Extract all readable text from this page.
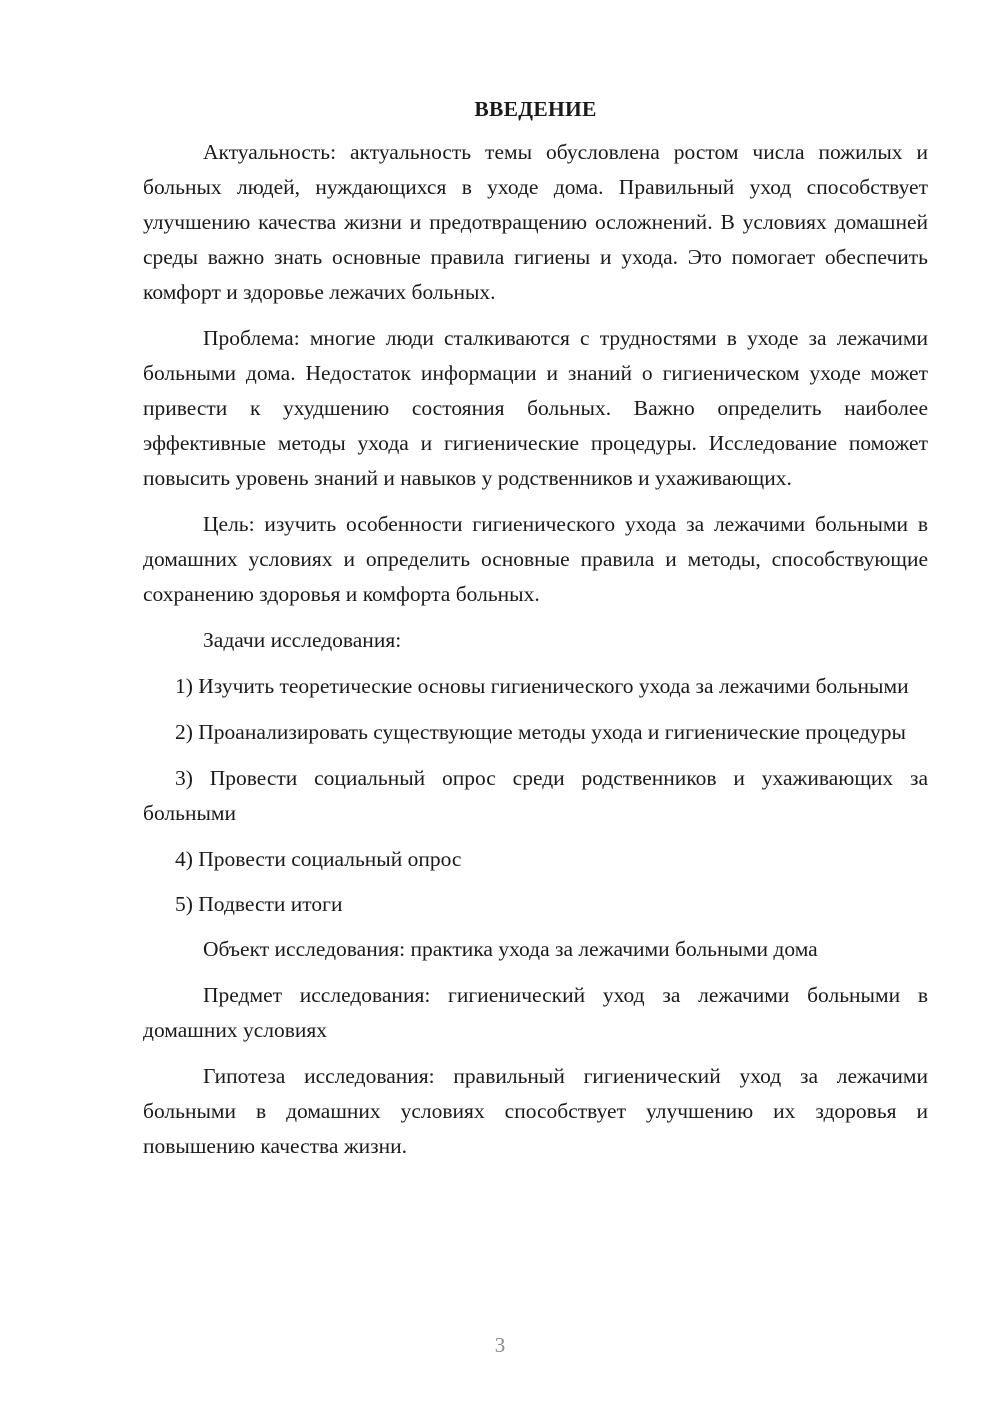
ВВЕДЕНИЕ

Актуальность: актуальность темы обусловлена ростом числа пожилых и больных людей, нуждающихся в уходе дома. Правильный уход способствует улучшению качества жизни и предотвращению осложнений. В условиях домашней среды важно знать основные правила гигиены и ухода. Это помогает обеспечить комфорт и здоровье лежачих больных.

Проблема: многие люди сталкиваются с трудностями в уходе за лежачими больными дома. Недостаток информации и знаний о гигиеническом уходе может привести к ухудшению состояния больных. Важно определить наиболее эффективные методы ухода и гигиенические процедуры. Исследование поможет повысить уровень знаний и навыков у родственников и ухаживающих.

Цель: изучить особенности гигиенического ухода за лежачими больными в домашних условиях и определить основные правила и методы, способствующие сохранению здоровья и комфорта больных.

Задачи исследования:

1) Изучить теоретические основы гигиенического ухода за лежачими больными

2) Проанализировать существующие методы ухода и гигиенические процедуры

3) Провести социальный опрос среди родственников и ухаживающих за больными

4) Провести социальный опрос

5) Подвести итоги

Объект исследования: практика ухода за лежачими больными дома

Предмет исследования: гигиенический уход за лежачими больными в домашних условиях

Гипотеза исследования: правильный гигиенический уход за лежачими больными в домашних условиях способствует улучшению их здоровья и повышению качества жизни.

3
